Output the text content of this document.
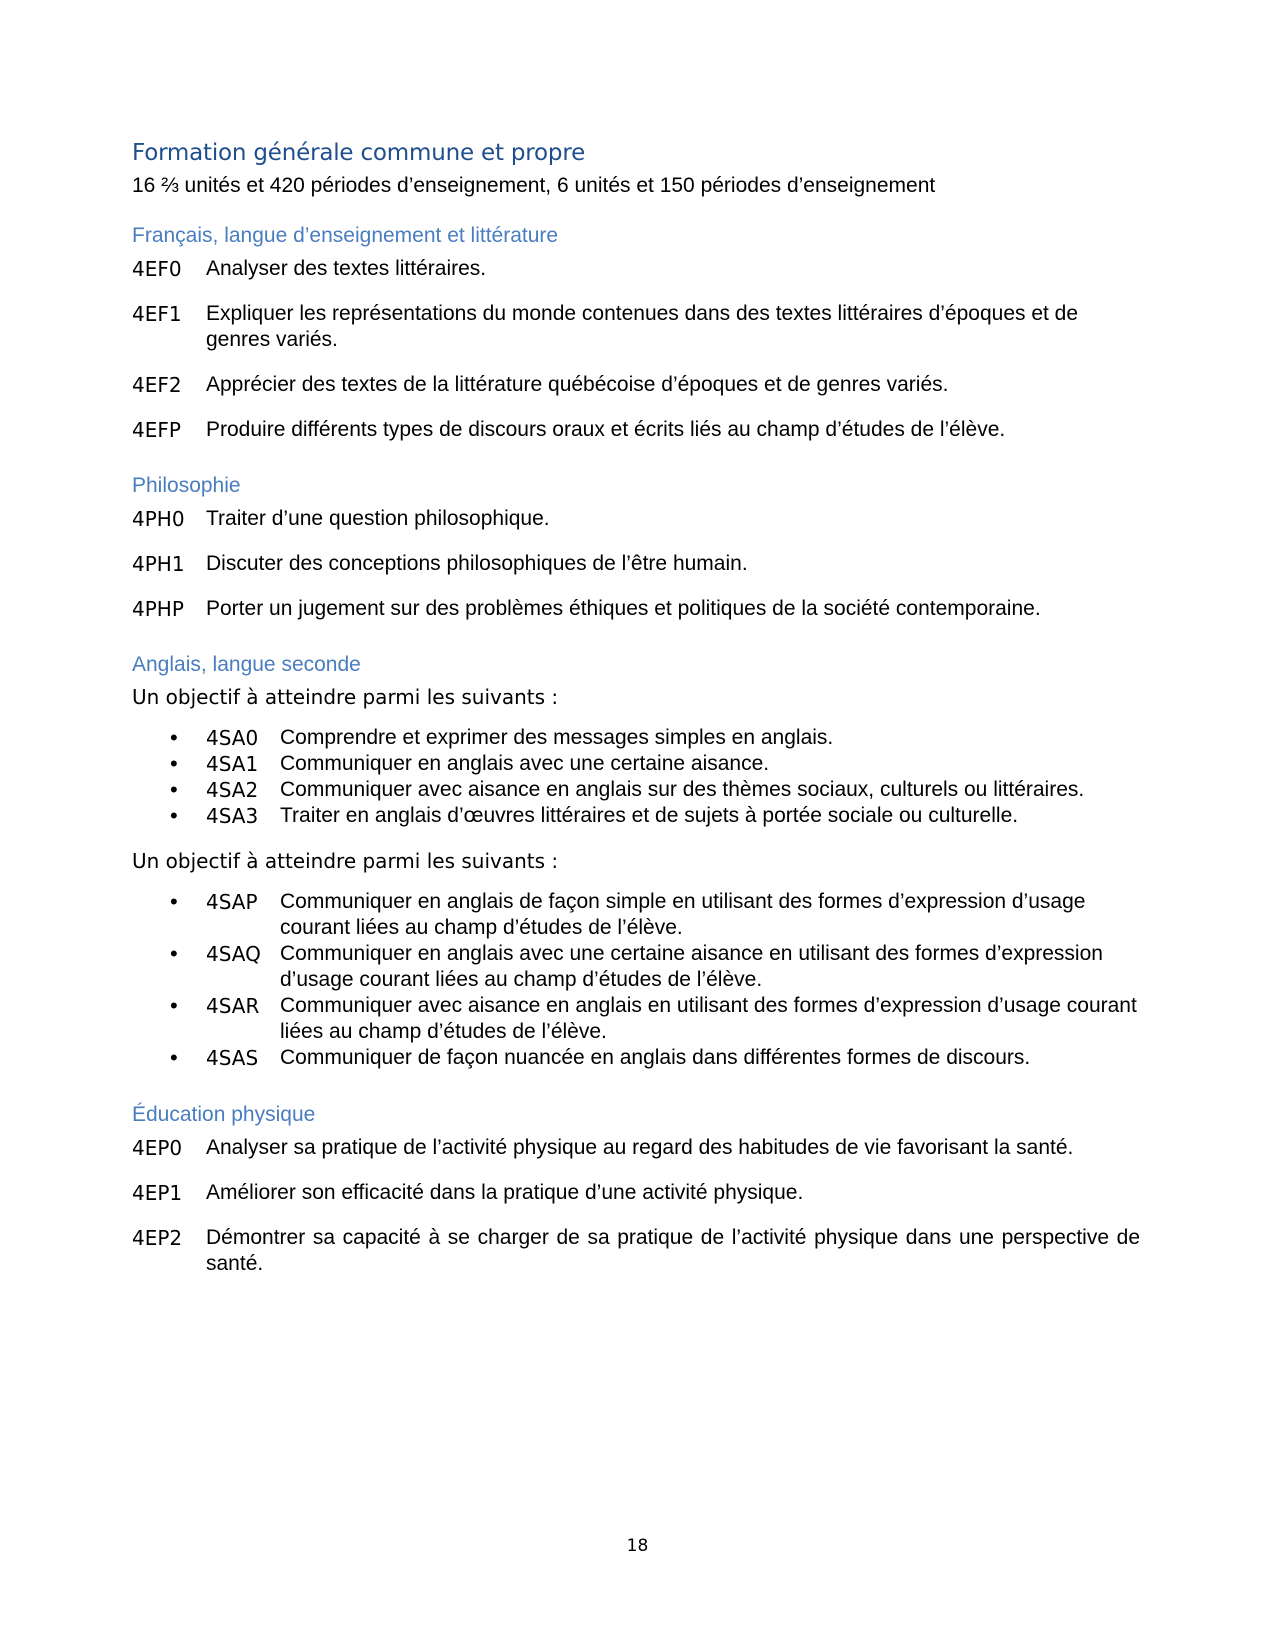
Formation générale commune et propre
16 ⅔ unités et 420 périodes d’enseignement, 6 unités et 150 périodes d’enseignement
Français, langue d’enseignement et littérature
4EF0	Analyser des textes littéraires.
4EF1	Expliquer les représentations du monde contenues dans des textes littéraires d’époques et de genres variés.
4EF2	Apprécier des textes de la littérature québécoise d’époques et de genres variés.
4EFP	Produire différents types de discours oraux et écrits liés au champ d’études de l’élève.
Philosophie
4PH0	Traiter d’une question philosophique.
4PH1	Discuter des conceptions philosophiques de l’être humain.
4PHP	Porter un jugement sur des problèmes éthiques et politiques de la société contemporaine.
Anglais, langue seconde
Un objectif à atteindre parmi les suivants :
•	4SA0	Comprendre et exprimer des messages simples en anglais.
•	4SA1	Communiquer en anglais avec une certaine aisance.
•	4SA2	Communiquer avec aisance en anglais sur des thèmes sociaux, culturels ou littéraires.
•	4SA3	Traiter en anglais d’œuvres littéraires et de sujets à portée sociale ou culturelle.
Un objectif à atteindre parmi les suivants :
•	4SAP	Communiquer en anglais de façon simple en utilisant des formes d’expression d’usage courant liées au champ d’études de l’élève.
•	4SAQ Communiquer en anglais avec une certaine aisance en utilisant des formes d’expression d’usage courant liées au champ d’études de l’élève.
•	4SAR Communiquer avec aisance en anglais en utilisant des formes d’expression d’usage courant liées au champ d’études de l’élève.
•	4SAS	Communiquer de façon nuancée en anglais dans différentes formes de discours.
Éducation physique
4EP0	Analyser sa pratique de l’activité physique au regard des habitudes de vie favorisant la santé.
4EP1	Améliorer son efficacité dans la pratique d’une activité physique.
4EP2	Démontrer sa capacité à se charger de sa pratique de l’activité physique dans une perspective de santé.
18
